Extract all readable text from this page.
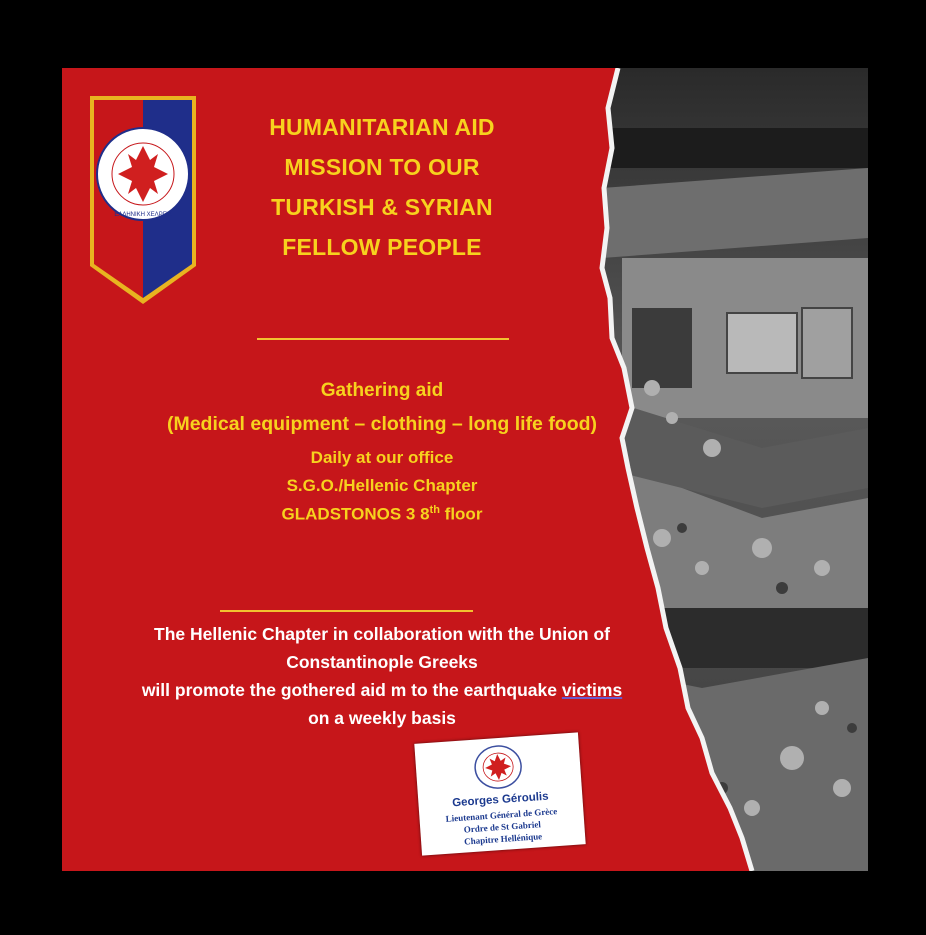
ΕΛΛΗΝΙΚΗ ΧΕΛΡΓΙΑ
HUMANITARIAN AID
MISSION TO OUR
TURKISH & SYRIAN
FELLOW PEOPLE
Gathering aid
(Medical equipment – clothing – long life food)
Daily at our office
S.G.O./Hellenic Chapter
GLADSTONOS 3 8th floor
The Hellenic Chapter in collaboration with the Union of
Constantinople Greeks
will promote the gothered aid m to the earthquake victims
on a weekly basis
Georges Géroulis
Lieutenant Général de Grèce
Ordre de St Gabriel
Chapitre Hellénique
